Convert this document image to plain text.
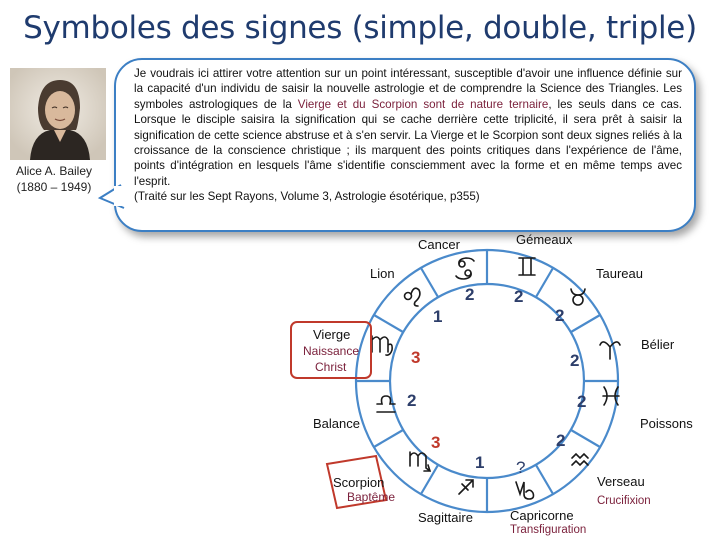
Symboles des signes (simple, double, triple)
Alice A. Bailey
(1880 – 1949)
Je voudrais ici attirer votre attention sur un point intéressant, susceptible d'avoir une influence définie sur la capacité d'un individu de saisir la nouvelle astrologie et de comprendre la Science des Triangles. Les symboles astrologiques de la Vierge et du Scorpion sont de nature ternaire, les seuls dans ce cas. Lorsque le disciple saisira la signification qui se cache derrière cette triplicité, il sera prêt à saisir la signification de cette science abstruse et à s'en servir. La Vierge et le Scorpion sont deux signes reliés à la croissance de la conscience christique ; ils marquent des points critiques dans l'expérience de l'âme, points d'intégration en lesquels l'âme s'identifie consciemment avec la forme et en même temps avec l'esprit.
(Traité sur les Sept Rayons, Volume 3, Astrologie ésotérique, p355)
Gémeaux
Cancer
Lion	Taureau
Vierge
Naissance
Christ
Bélier
Balance	Poissons
Scorpion
Baptême
Verseau
Crucifixion
Sagittaire	Capricorne
Transfiguration
1
2 2
2
3	2
2	2
3	2
1 ?
